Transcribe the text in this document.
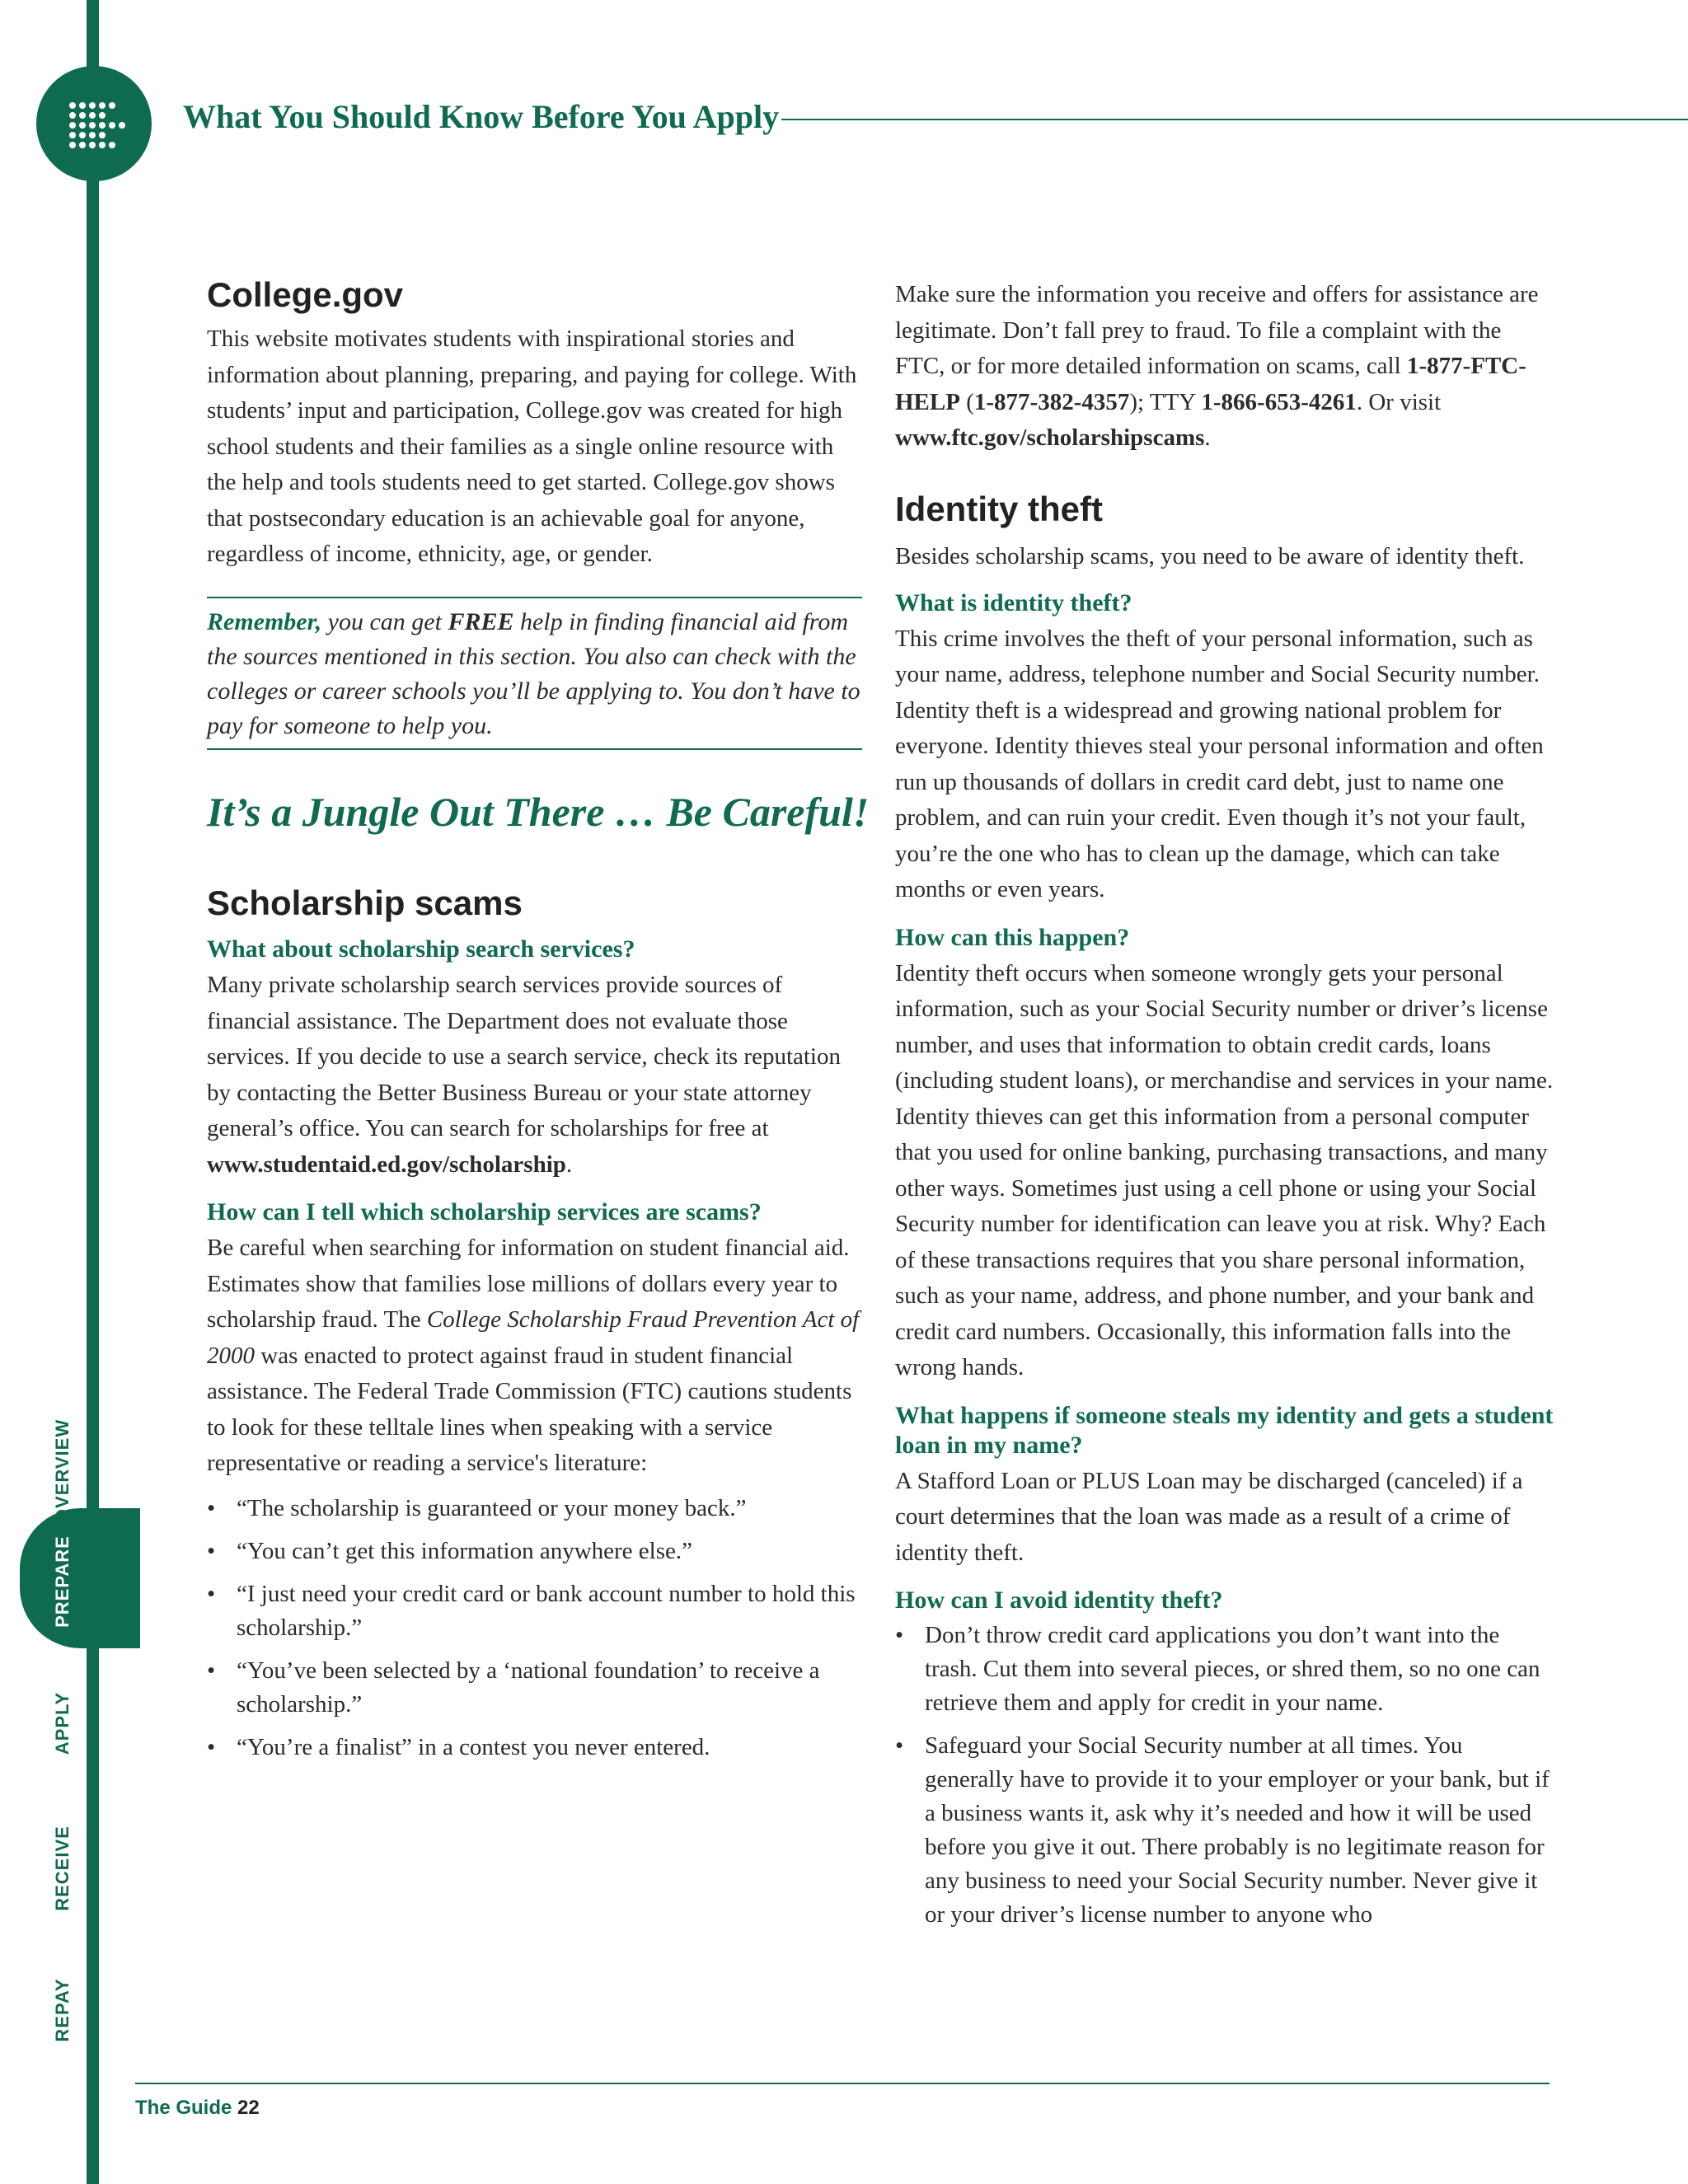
What You Should Know Before You Apply
OVERVIEW
PREPARE
APPLY
RECEIVE
REPAY
College.gov

This website motivates students with inspirational stories and information about planning, preparing, and paying for college. With students’ input and participation, College.gov was created for high school students and their families as a single online resource with the help and tools students need to get started. College.gov shows that postsecondary education is an achievable goal for anyone, regardless of income, ethnicity, age, or gender.

Remember, you can get FREE help in finding financial aid from the sources mentioned in this section. You also can check with the colleges or career schools you’ll be applying to. You don’t have to pay for someone to help you.
It’s a Jungle Out There … Be Careful!
Scholarship scams
What about scholarship search services?

Many private scholarship search services provide sources of financial assistance. The Department does not evaluate those services. If you decide to use a search service, check its reputation by contacting the Better Business Bureau or your state attorney general’s office. You can search for scholarships for free at www.studentaid.ed.gov/scholarship.

How can I tell which scholarship services are scams?

Be careful when searching for information on student financial aid. Estimates show that families lose millions of dollars every year to scholarship fraud. The College Scholarship Fraud Prevention Act of 2000 was enacted to protect against fraud in student financial assistance. The Federal Trade Commission (FTC) cautions students to look for these telltale lines when speaking with a service representative or reading a service's literature:

• “The scholarship is guaranteed or your money back.”
• “You can’t get this information anywhere else.”
• “I just need your credit card or bank account number to hold this scholarship.”
• “You’ve been selected by a ‘national foundation’ to receive a scholarship.”
• “You’re a finalist” in a contest you never entered.

Make sure the information you receive and offers for assistance are legitimate. Don’t fall prey to fraud. To file a complaint with the FTC, or for more detailed information on scams, call 1-877-FTC-HELP (1-877-382-4357); TTY 1-866-653-4261. Or visit www.ftc.gov/scholarshipscams.

Identity theft

Besides scholarship scams, you need to be aware of identity theft.

What is identity theft?

This crime involves the theft of your personal information, such as your name, address, telephone number and Social Security number. Identity theft is a widespread and growing national problem for everyone. Identity thieves steal your personal information and often run up thousands of dollars in credit card debt, just to name one problem, and can ruin your credit. Even though it’s not your fault, you’re the one who has to clean up the damage, which can take months or even years.

How can this happen?

Identity theft occurs when someone wrongly gets your personal information, such as your Social Security number or driver’s license number, and uses that information to obtain credit cards, loans (including student loans), or merchandise and services in your name. Identity thieves can get this information from a personal computer that you used for online banking, purchasing transactions, and many other ways. Sometimes just using a cell phone or using your Social Security number for identification can leave you at risk. Why? Each of these transactions requires that you share personal information, such as your name, address, and phone number, and your bank and credit card numbers. Occasionally, this information falls into the wrong hands.

What happens if someone steals my identity and gets a student loan in my name?

A Stafford Loan or PLUS Loan may be discharged (canceled) if a court determines that the loan was made as a result of a crime of identity theft.

How can I avoid identity theft?
• Don’t throw credit card applications you don’t want into the trash. Cut them into several pieces, or shred them, so no one can retrieve them and apply for credit in your name.
• Safeguard your Social Security number at all times. You generally have to provide it to your employer or your bank, but if a business wants it, ask why it’s needed and how it will be used before you give it out. There probably is no legitimate reason for any business to need your Social Security number. Never give it or your driver’s license number to anyone who
The Guide 22
